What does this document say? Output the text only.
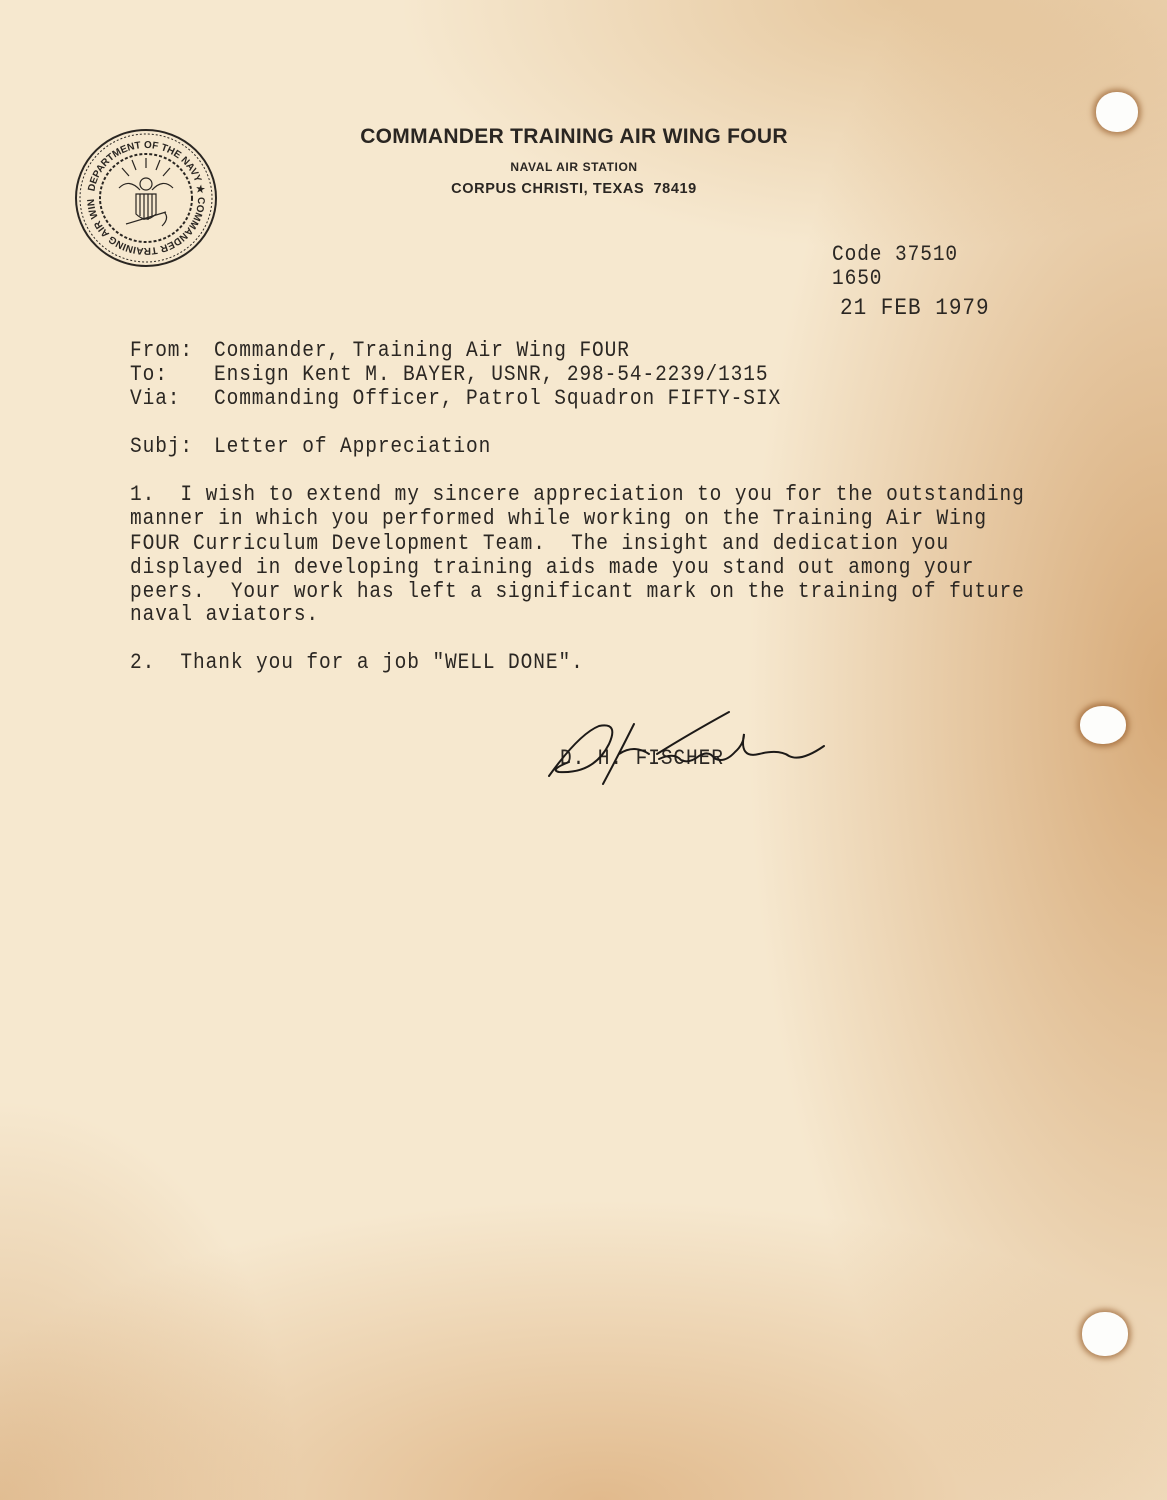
DEPARTMENT OF THE NAVY ★ COMMANDER TRAINING AIR WIN

COMMANDER TRAINING AIR WING FOUR
NAVAL AIR STATION
CORPUS CHRISTI, TEXAS  78419
Code 37510
1650
21 FEB 1979
From: Commander, Training Air Wing FOUR
To: Ensign Kent M. BAYER, USNR, 298-54-2239/1315
Via: Commanding Officer, Patrol Squadron FIFTY-SIX
Subj: Letter of Appreciation
1.  I wish to extend my sincere appreciation to you for the outstanding
manner in which you performed while working on the Training Air Wing
FOUR Curriculum Development Team.  The insight and dedication you
displayed in developing training aids made you stand out among your
peers.  Your work has left a significant mark on the training of future
naval aviators.
2.  Thank you for a job "WELL DONE".
D. H. FISCHER
